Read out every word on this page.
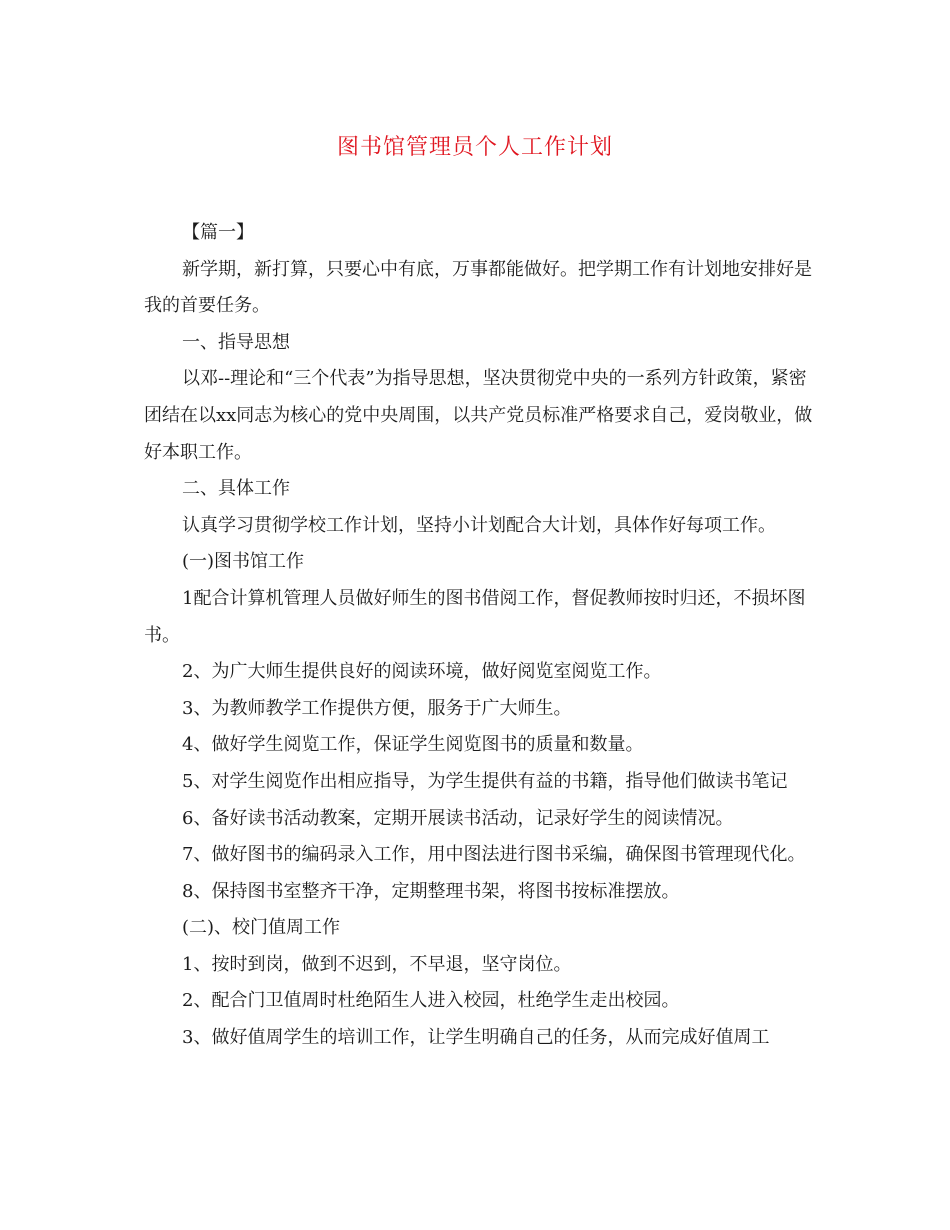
图书馆管理员个人工作计划

【篇一】

新学期，新打算，只要心中有底，万事都能做好。把学期工作有计划地安排好是我的首要任务。

一、指导思想

以邓--理论和“三个代表”为指导思想，坚决贯彻党中央的一系列方针政策，紧密团结在以xx同志为核心的党中央周围，以共产党员标准严格要求自己，爱岗敬业，做好本职工作。

二、具体工作

认真学习贯彻学校工作计划，坚持小计划配合大计划，具体作好每项工作。

(一)图书馆工作

1配合计算机管理人员做好师生的图书借阅工作，督促教师按时归还，不损坏图书。

2、为广大师生提供良好的阅读环境，做好阅览室阅览工作。

3、为教师教学工作提供方便，服务于广大师生。

4、做好学生阅览工作，保证学生阅览图书的质量和数量。

5、对学生阅览作出相应指导，为学生提供有益的书籍，指导他们做读书笔记

6、备好读书活动教案，定期开展读书活动，记录好学生的阅读情况。

7、做好图书的编码录入工作，用中图法进行图书采编，确保图书管理现代化。

8、保持图书室整齐干净，定期整理书架，将图书按标准摆放。

(二)、校门值周工作

1、按时到岗，做到不迟到，不早退，坚守岗位。

2、配合门卫值周时杜绝陌生人进入校园，杜绝学生走出校园。

3、做好值周学生的培训工作，让学生明确自己的任务，从而完成好值周工
